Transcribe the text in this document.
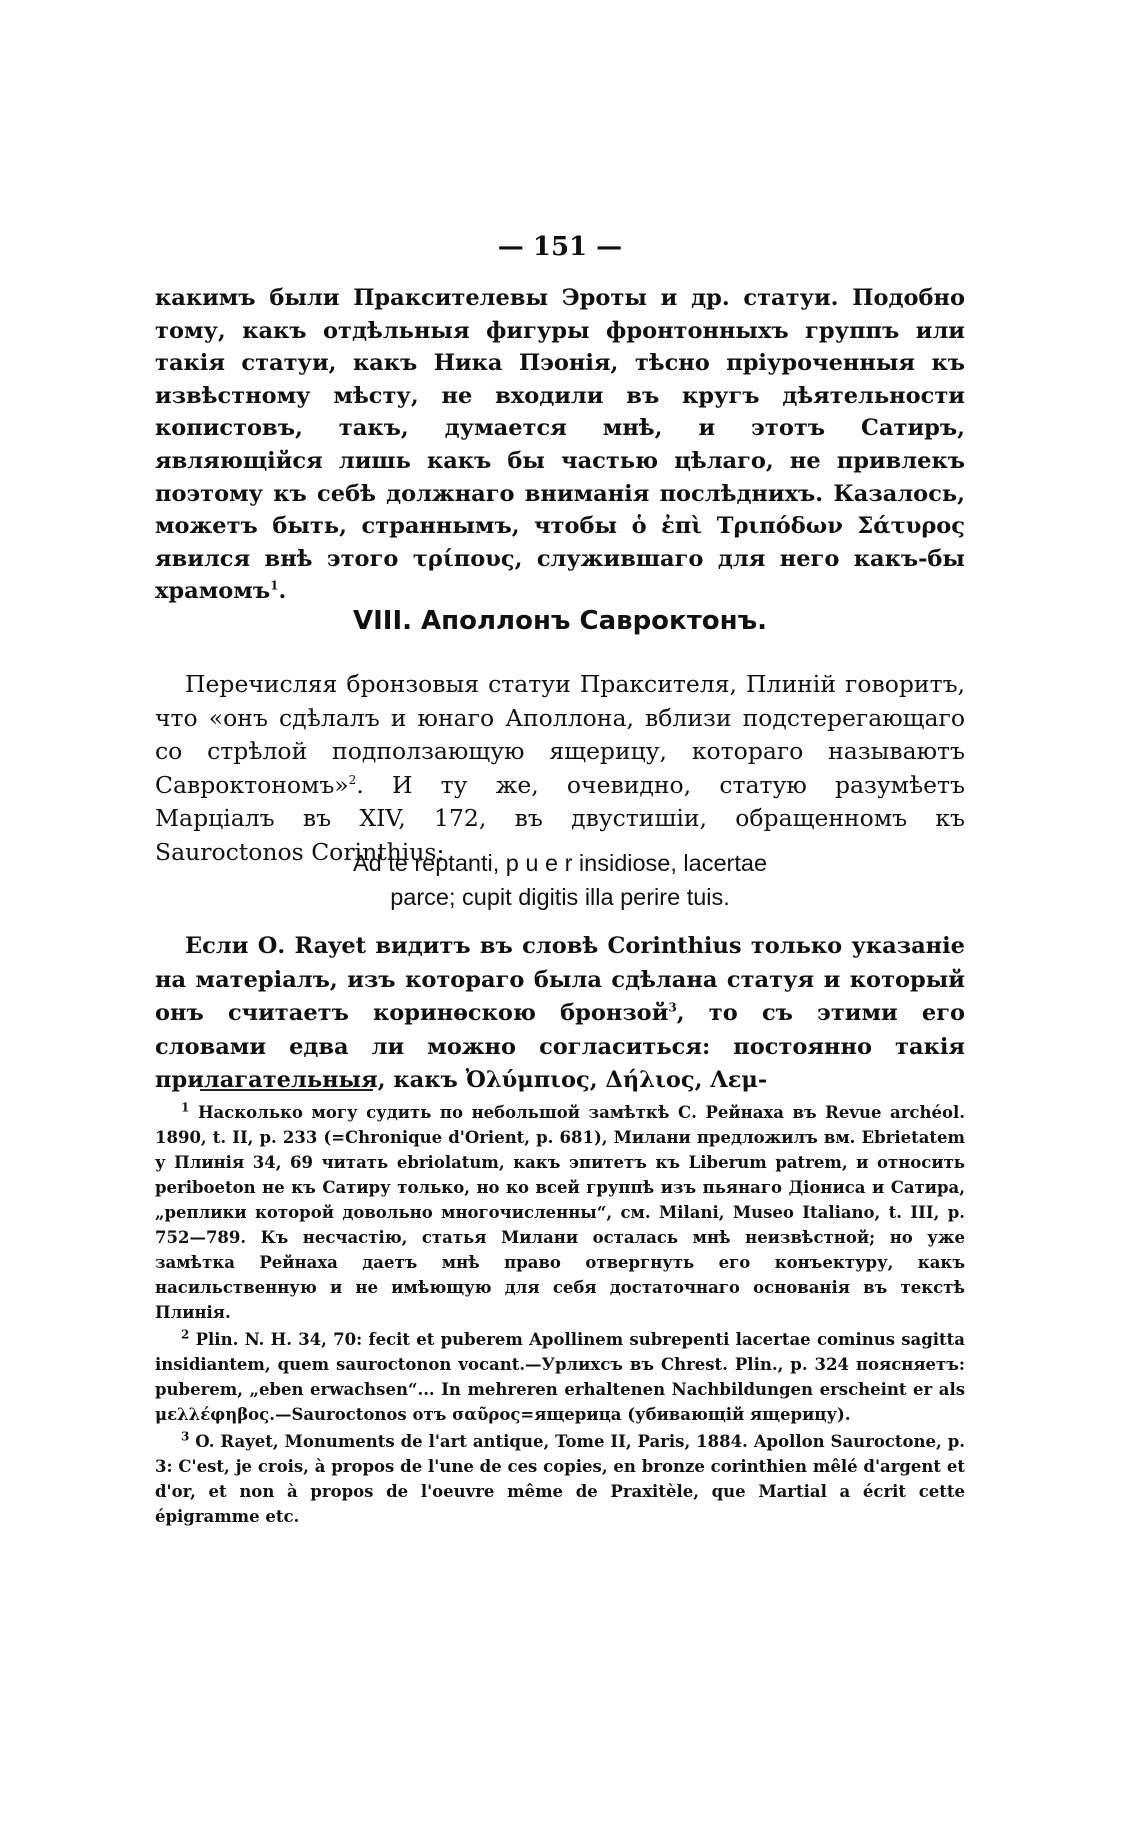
— 151 —
какимъ были Праксителевы Эроты и др. статуи. Подобно тому, какъ отдѣльныя фигуры фронтонныхъ группъ или такія статуи, какъ Ника Пэонія, тѣсно пріуроченныя къ извѣстному мѣсту, не входили въ кругъ дѣятельности копистовъ, такъ, думается мнѣ, и этотъ Сатиръ, являющійся лишь какъ бы частью цѣлаго, не привлекъ поэтому къ себѣ должнаго вниманія послѣднихъ. Казалось, можетъ быть, страннымъ, чтобы ὁ ἐπὶ Τριπόδων Σάτυρος явился внѣ этого τρίπους, служившаго для него какъ-бы храмомъ$^1$.
VIII. Аполлонъ Савроктонъ.
Перечисляя бронзовыя статуи Праксителя, Плиній говоритъ, что «онъ сдѣлалъ и юнаго Аполлона, вблизи подстерегающаго со стрѣлой подползающую ящерицу, котораго называютъ Савроктономъ»$^2$. И ту же, очевидно, статую разумѣетъ Марціалъ въ XIV, 172, въ двустишіи, обращенномъ къ Sauroctonos Corinthius:
Ad te reptanti, p u e r insidiose, lacertae
parce; cupit digitis illa perire tuis.
Если О. Rayet видитъ въ словѣ Corinthius только указаніе на матеріалъ, изъ котораго была сдѣлана статуя и который онъ считаетъ коринѳскою бронзой$^3$, то съ этими его словами едва ли можно согласиться: постоянно такія прилагательныя, какъ Ὀλύμπιος, Δήλιος, Λεμ-
$^1$ Насколько могу судить по небольшой замѣткѣ С. Рейнаха въ Revue archéol. 1890, t. II, p. 233 (=Chronique d'Orient, p. 681), Милани предложилъ вм. Ebrietatem у Плинія 34, 69 читать ebriolatum, какъ эпитетъ къ Liberum patrem, и относить periboeton не къ Сатиру только, но ко всей группѣ изъ пьянаго Діониса и Сатира, „реплики которой довольно многочисленны“, см. Milani, Museo Italiano, t. III, p. 752—789. Къ несчастію, статья Милани осталась мнѣ неизвѣстной; но уже замѣтка Рейнаха даетъ мнѣ право отвергнуть его конъектуру, какъ насильственную и не имѣющую для себя достаточнаго основанія въ текстѣ Плинія.
$^2$ Plin. N. H. 34, 70: fecit et puberem Apollinem subrepenti lacertae cominus sagitta insidiantem, quem sauroctonon vocant.—Урлихсъ въ Chrest. Plin., p. 324 поясняетъ: puberem, „eben erwachsen“... In mehreren erhaltenen Nachbildungen erscheint er als μελλέφηβος.—Sauroctonos отъ σαῦρος=ящерица (убивающій ящерицу).
$^3$ O. Rayet, Monuments de l'art antique, Tome II, Paris, 1884. Apollon Sauroctone, p. 3: C'est, je crois, à propos de l'une de ces copies, en bronze corinthien mêlé d'argent et d'or, et non à propos de l'oeuvre même de Praxitèle, que Martial a écrit cette épigramme etc.
